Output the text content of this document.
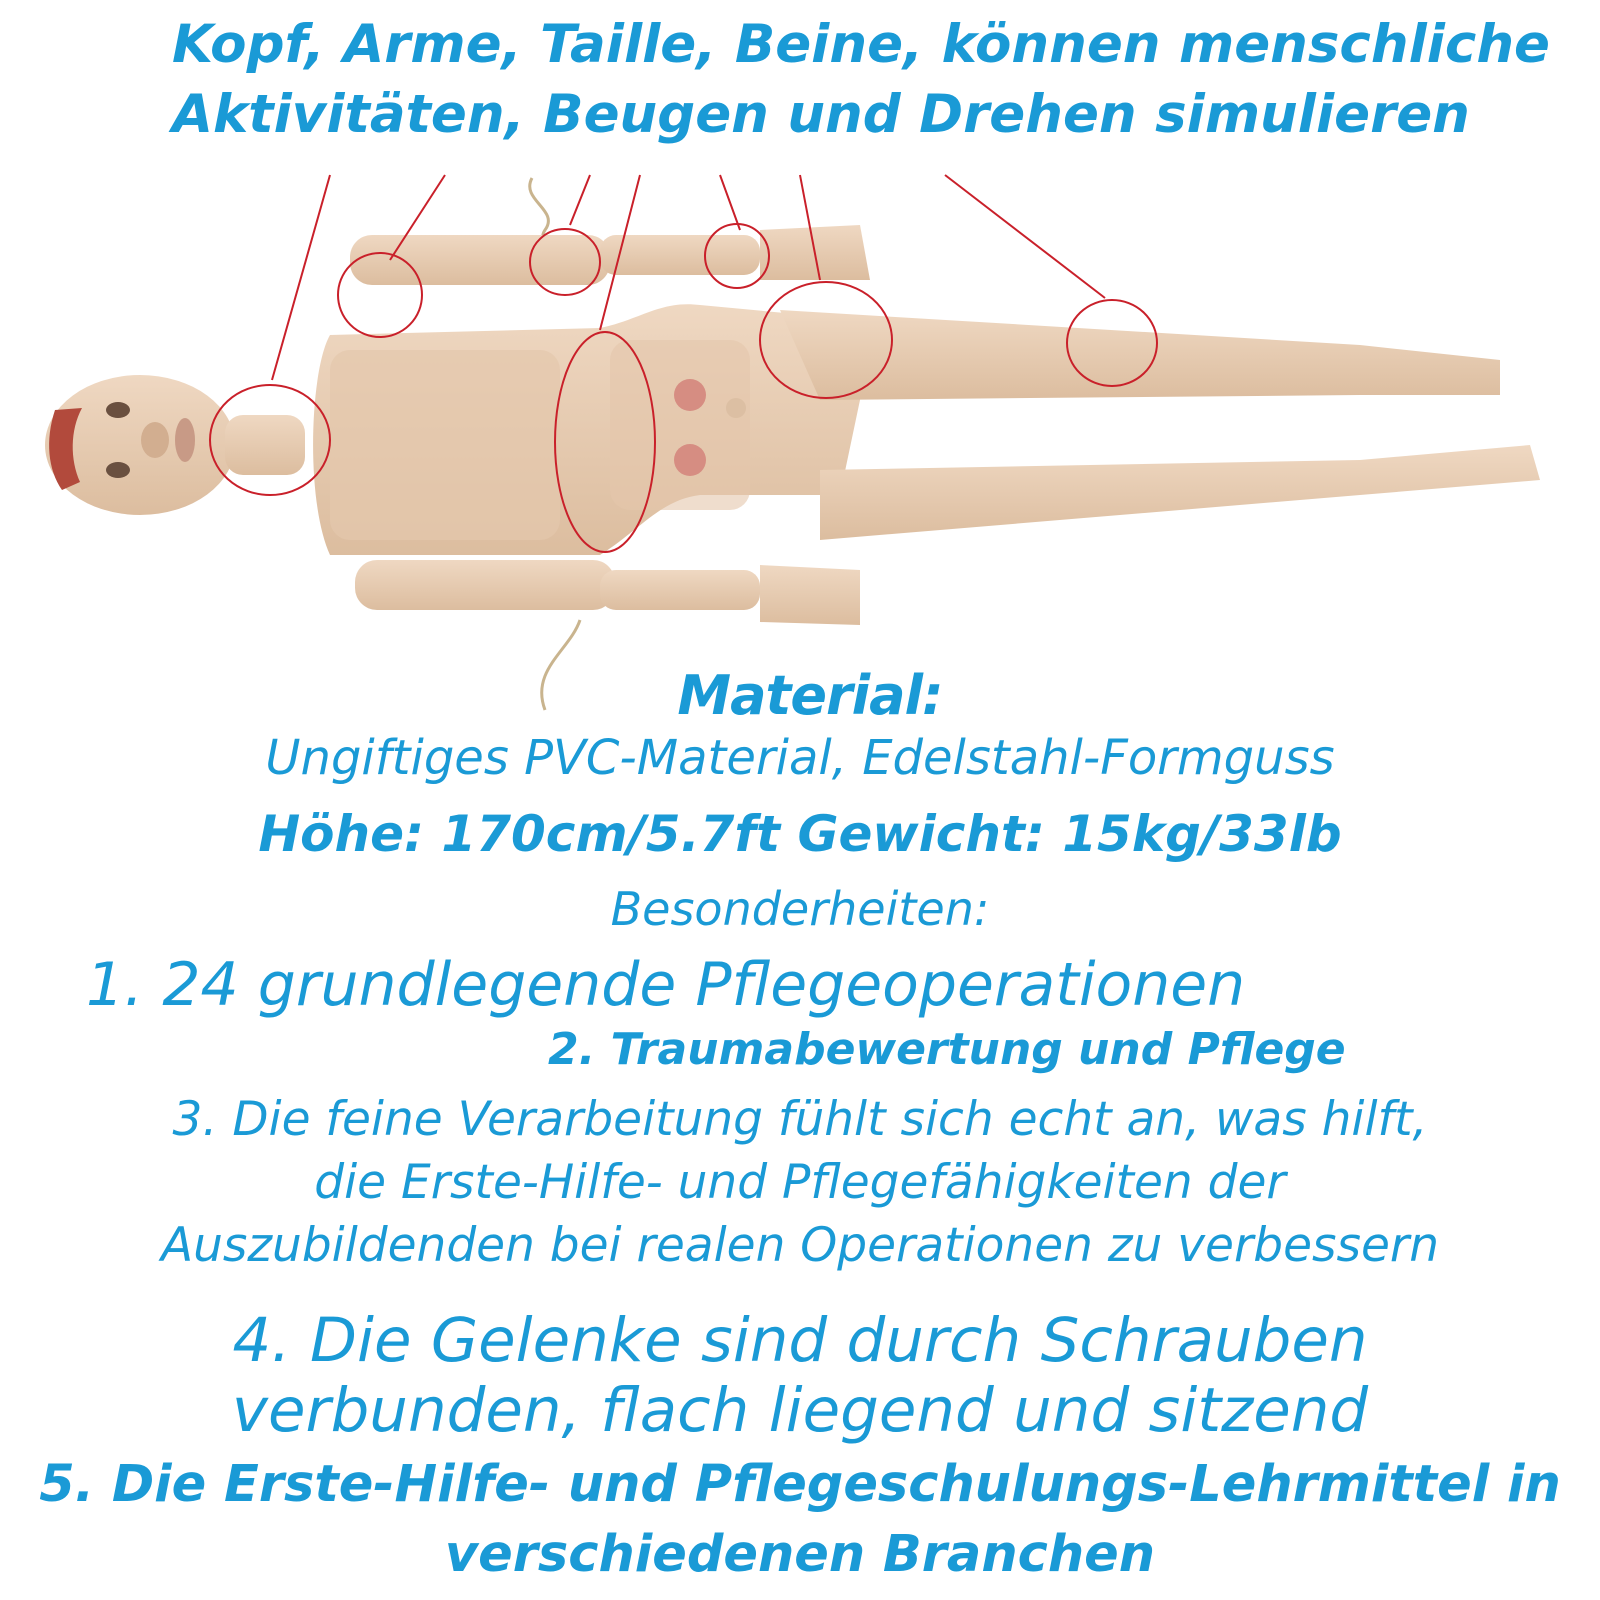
Kopf, Arme, Taille, Beine, können menschliche

Aktivitäten, Beugen und Drehen simulieren

Material:

Ungiftiges PVC-Material, Edelstahl-Formguss

Höhe: 170cm/5.7ft Gewicht: 15kg/33lb

Besonderheiten:

1. 24 grundlegende Pflegeoperationen

2. Traumabewertung und Pflege

3. Die feine Verarbeitung fühlt sich echt an, was hilft,

die Erste-Hilfe- und Pflegefähigkeiten der

Auszubildenden bei realen Operationen zu verbessern

4. Die Gelenke sind durch Schrauben

verbunden, flach liegend und sitzend

5. Die Erste-Hilfe- und Pflegeschulungs-Lehrmittel in

verschiedenen Branchen
